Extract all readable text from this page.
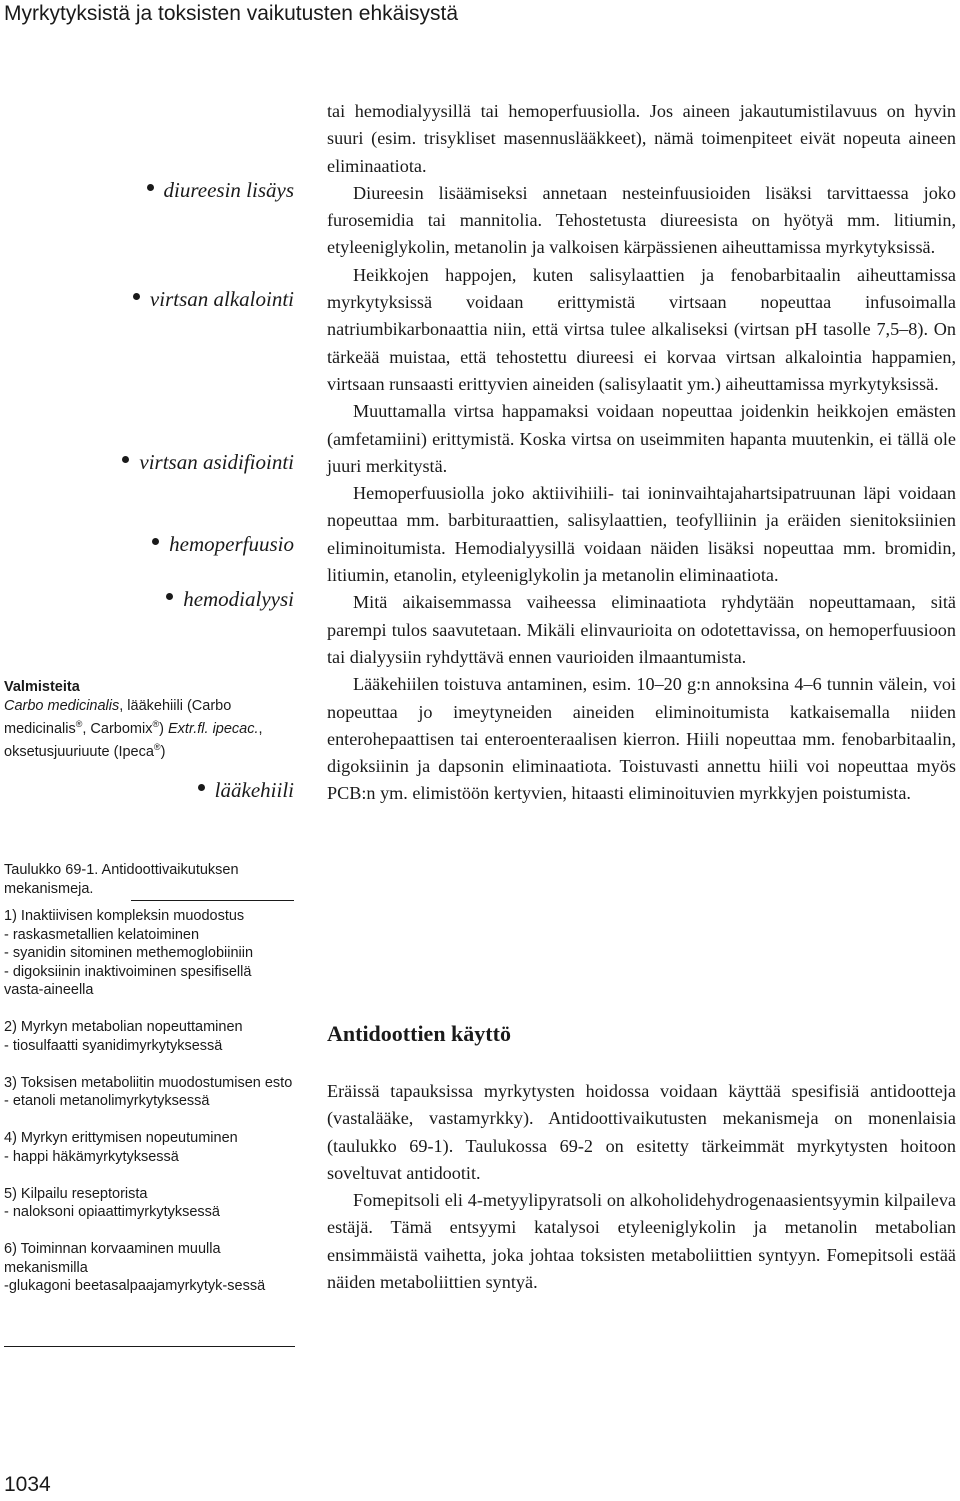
Myrkytyksistä ja toksisten vaikutusten ehkäisystä
diureesin lisäys
virtsan alkalointi
virtsan asidifiointi
hemoperfuusio
hemodialyysi
lääkehiili
Valmisteita
Carbo medicinalis, lääkehiili (Carbo medicinalis®, Carbomix®) Extr.fl. ipecac., oksetusjuuriuute (Ipeca®)
Taulukko 69-1. Antidoottivaikutuksen mekanismeja.

1) Inaktiivisen kompleksin muodostus
- raskasmetallien kelatoiminen
- syanidin sitominen methemoglobiiniin
- digoksiinin inaktivoiminen spesifisellä vasta-aineella

2) Myrkyn metabolian nopeuttaminen
- tiosulfaatti syanidimyrkytyksessä

3) Toksisen metaboliitin muodostumisen esto
- etanoli metanolimyrkytyksessä

4) Myrkyn erittymisen nopeutuminen
- happi häkämyrkytyksessä

5) Kilpailu reseptorista
- naloksoni opiaattimyrkytyksessä

6) Toiminnan korvaaminen muulla mekanismilla
-glukagoni beetasalpaajamyrkytyk-sessä

tai hemodialyysillä tai hemoperfuusiolla. Jos aineen jakautumistilavuus on hyvin suuri (esim. trisykliset masennuslääkkeet), nämä toimenpiteet eivät nopeuta aineen eliminaatiota.

Diureesin lisäämiseksi annetaan nesteinfuusioiden lisäksi tarvittaessa joko furosemidia tai mannitolia. Tehostetusta diureesista on hyötyä mm. litiumin, etyleeniglykolin, metanolin ja valkoisen kärpässienen aiheuttamissa myrkytyksissä.

Heikkojen happojen, kuten salisylaattien ja fenobarbitaalin aiheuttamissa myrkytyksissä voidaan erittymistä virtsaan nopeuttaa infusoimalla natriumbikarbonaattia niin, että virtsa tulee alkaliseksi (virtsan pH tasolle 7,5–8). On tärkeää muistaa, että tehostettu diureesi ei korvaa virtsan alkalointia happamien, virtsaan runsaasti erittyvien aineiden (salisylaatit ym.) aiheuttamissa myrkytyksissä.

Muuttamalla virtsa happamaksi voidaan nopeuttaa joidenkin heikkojen emästen (amfetamiini) erittymistä. Koska virtsa on useimmiten hapanta muutenkin, ei tällä ole juuri merkitystä.

Hemoperfuusiolla joko aktiivihiili- tai ioninvaihtajahartsipatruunan läpi voidaan nopeuttaa mm. barbituraattien, salisylaattien, teofylliinin ja eräiden sienitoksiinien eliminoitumista. Hemodialyysillä voidaan näiden lisäksi nopeuttaa mm. bromidin, litiumin, etanolin, etyleeniglykolin ja metanolin eliminaatiota.

Mitä aikaisemmassa vaiheessa eliminaatiota ryhdytään nopeuttamaan, sitä parempi tulos saavutetaan. Mikäli elinvaurioita on odotettavissa, on hemoperfuusioon tai dialyysiin ryhdyttävä ennen vaurioiden ilmaantumista.

Lääkehiilen toistuva antaminen, esim. 10–20 g:n annoksina 4–6 tunnin välein, voi nopeuttaa jo imeytyneiden aineiden eliminoitumista katkaisemalla niiden enterohepaattisen tai enteroenteraalisen kierron. Hiili nopeuttaa mm. fenobarbitaalin, digoksiinin ja dapsonin eliminaatiota. Toistuvasti annettu hiili voi nopeuttaa myös PCB:n ym. elimistöön kertyvien, hitaasti eliminoituvien myrkkyjen poistumista.

Antidoottien käyttö

Eräissä tapauksissa myrkytysten hoidossa voidaan käyttää spesifisiä antidootteja (vastalääke, vastamyrkky). Antidoottivaikutusten mekanismeja on monenlaisia (taulukko 69-1). Taulukossa 69-2 on esitetty tärkeimmät myrkytysten hoitoon soveltuvat antidootit.

Fomepitsoli eli 4-metyylipyratsoli on alkoholidehydrogenaasientsyymin kilpaileva estäjä. Tämä entsyymi katalysoi etyleeniglykolin ja metanolin metabolian ensimmäistä vaihetta, joka johtaa toksisten metaboliittien syntyyn. Fomepitsoli estää näiden metaboliittien syntyä.

1034
